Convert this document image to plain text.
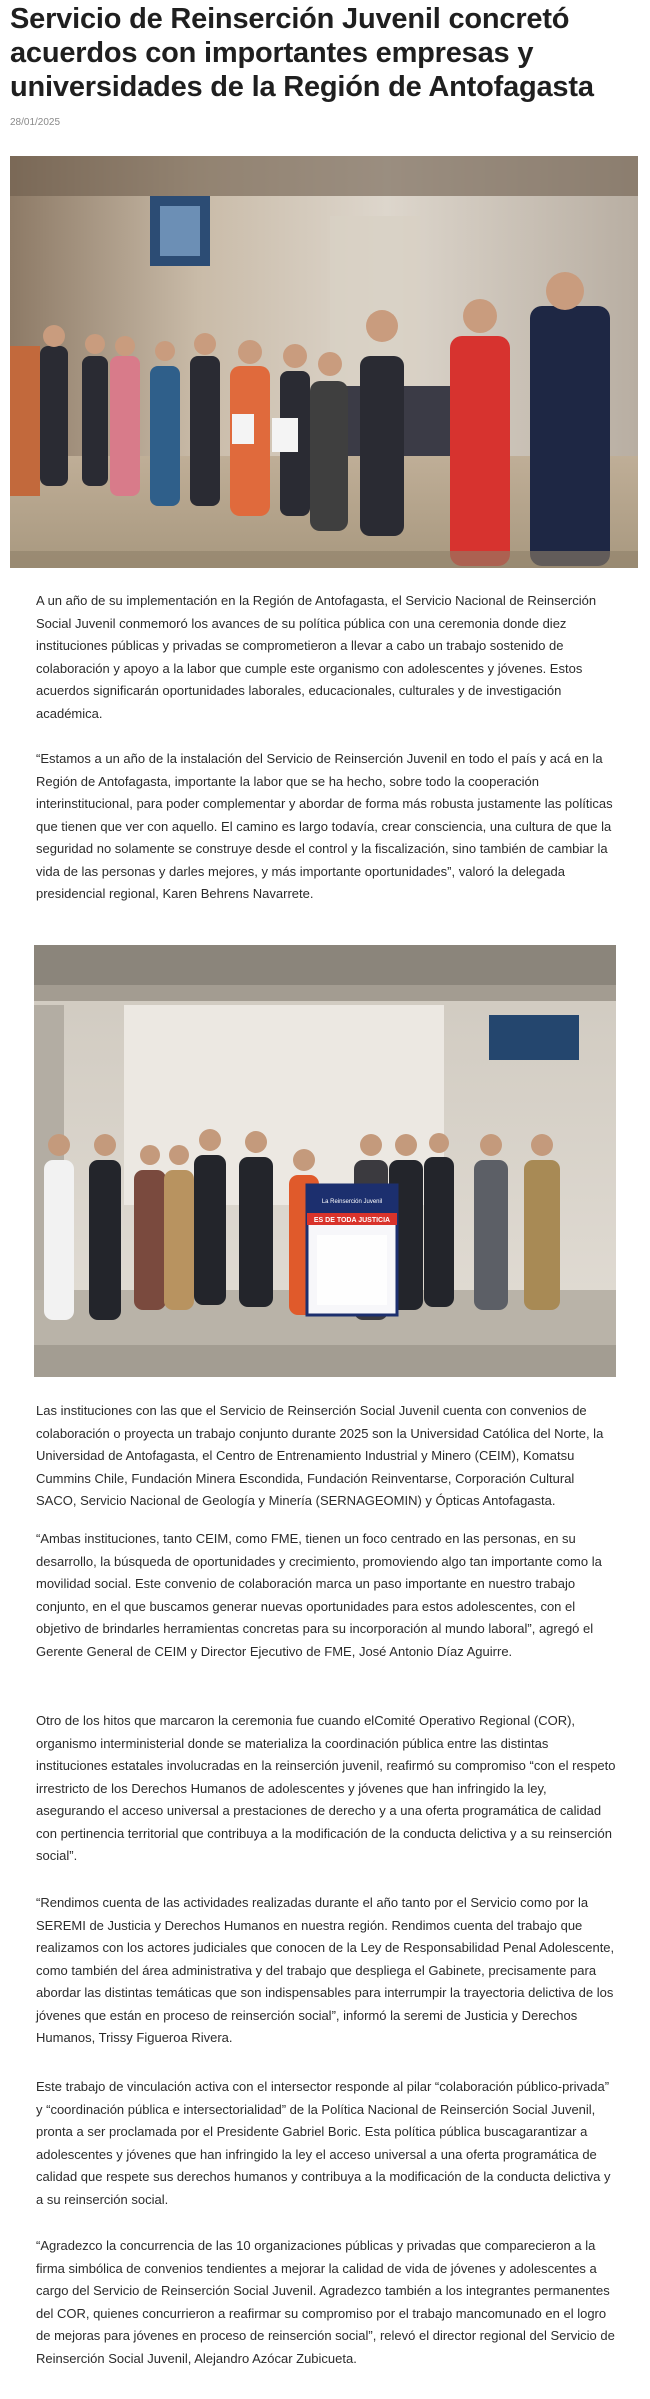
Servicio de Reinserción Juvenil concretó acuerdos con importantes empresas y universidades de la Región de Antofagasta
28/01/2025

A un año de su implementación en la Región de Antofagasta, el Servicio Nacional de Reinserción Social Juvenil conmemoró los avances de su política pública con una ceremonia donde diez instituciones públicas y privadas se comprometieron a llevar a cabo un trabajo sostenido de colaboración y apoyo a la labor que cumple este organismo con adolescentes y jóvenes. Estos acuerdos significarán oportunidades laborales, educacionales, culturales y de investigación académica.

“Estamos a un año de la instalación del Servicio de Reinserción Juvenil en todo el país y acá en la Región de Antofagasta, importante la labor que se ha hecho, sobre todo la cooperación interinstitucional, para poder complementar y abordar de forma más robusta justamente las políticas que tienen que ver con aquello. El camino es largo todavía, crear consciencia, una cultura de que la seguridad no solamente se construye desde el control y la fiscalización, sino también de cambiar la vida de las personas y darles mejores, y más importante oportunidades”, valoró la delegada presidencial regional, Karen Behrens Navarrete.

La Reinserción Juvenil
ES DE TODA JUSTICIA

Las instituciones con las que el Servicio de Reinserción Social Juvenil cuenta con convenios de colaboración o proyecta un trabajo conjunto durante 2025 son la Universidad Católica del Norte, la Universidad de Antofagasta, el Centro de Entrenamiento Industrial y Minero (CEIM), Komatsu Cummins Chile, Fundación Minera Escondida, Fundación Reinventarse, Corporación Cultural SACO, Servicio Nacional de Geología y Minería (SERNAGEOMIN) y Ópticas Antofagasta.

“Ambas instituciones, tanto CEIM, como FME, tienen un foco centrado en las personas, en su desarrollo, la búsqueda de oportunidades y crecimiento, promoviendo algo tan importante como la movilidad social. Este convenio de colaboración marca un paso importante en nuestro trabajo conjunto, en el que buscamos generar nuevas oportunidades para estos adolescentes, con el objetivo de brindarles herramientas concretas para su incorporación al mundo laboral”, agregó el Gerente General de CEIM y Director Ejecutivo de FME, José Antonio Díaz Aguirre.

Otro de los hitos que marcaron la ceremonia fue cuando elComité Operativo Regional (COR), organismo interministerial donde se materializa la coordinación pública entre las distintas instituciones estatales involucradas en la reinserción juvenil, reafirmó su compromiso “con el respeto irrestricto de los Derechos Humanos de adolescentes y jóvenes que han infringido la ley, asegurando el acceso universal a prestaciones de derecho y a una oferta programática de calidad con pertinencia territorial que contribuya a la modificación de la conducta delictiva y a su reinserción social”.

“Rendimos cuenta de las actividades realizadas durante el año tanto por el Servicio como por la SEREMI de Justicia y Derechos Humanos en nuestra región. Rendimos cuenta del trabajo que realizamos con los actores judiciales que conocen de la Ley de Responsabilidad Penal Adolescente, como también del área administrativa y del trabajo que despliega el Gabinete, precisamente para abordar las distintas temáticas que son indispensables para interrumpir la trayectoria delictiva de los jóvenes que están en proceso de reinserción social”, informó la seremi de Justicia y Derechos Humanos, Trissy Figueroa Rivera.

Este trabajo de vinculación activa con el intersector responde al pilar “colaboración público-privada” y “coordinación pública e intersectorialidad” de la Política Nacional de Reinserción Social Juvenil, pronta a ser proclamada por el Presidente Gabriel Boric. Esta política pública buscagarantizar a adolescentes y jóvenes que han infringido la ley el acceso universal a una oferta programática de calidad que respete sus derechos humanos y contribuya a la modificación de la conducta delictiva y a su reinserción social.

“Agradezco la concurrencia de las 10 organizaciones públicas y privadas que comparecieron a la firma simbólica de convenios tendientes a mejorar la calidad de vida de jóvenes y adolescentes a cargo del Servicio de Reinserción Social Juvenil. Agradezco también a los integrantes permanentes del COR, quienes concurrieron a reafirmar su compromiso por el trabajo mancomunado en el logro de mejoras para jóvenes en proceso de reinserción social”, relevó el director regional del Servicio de Reinserción Social Juvenil, Alejandro Azócar Zubicueta.
